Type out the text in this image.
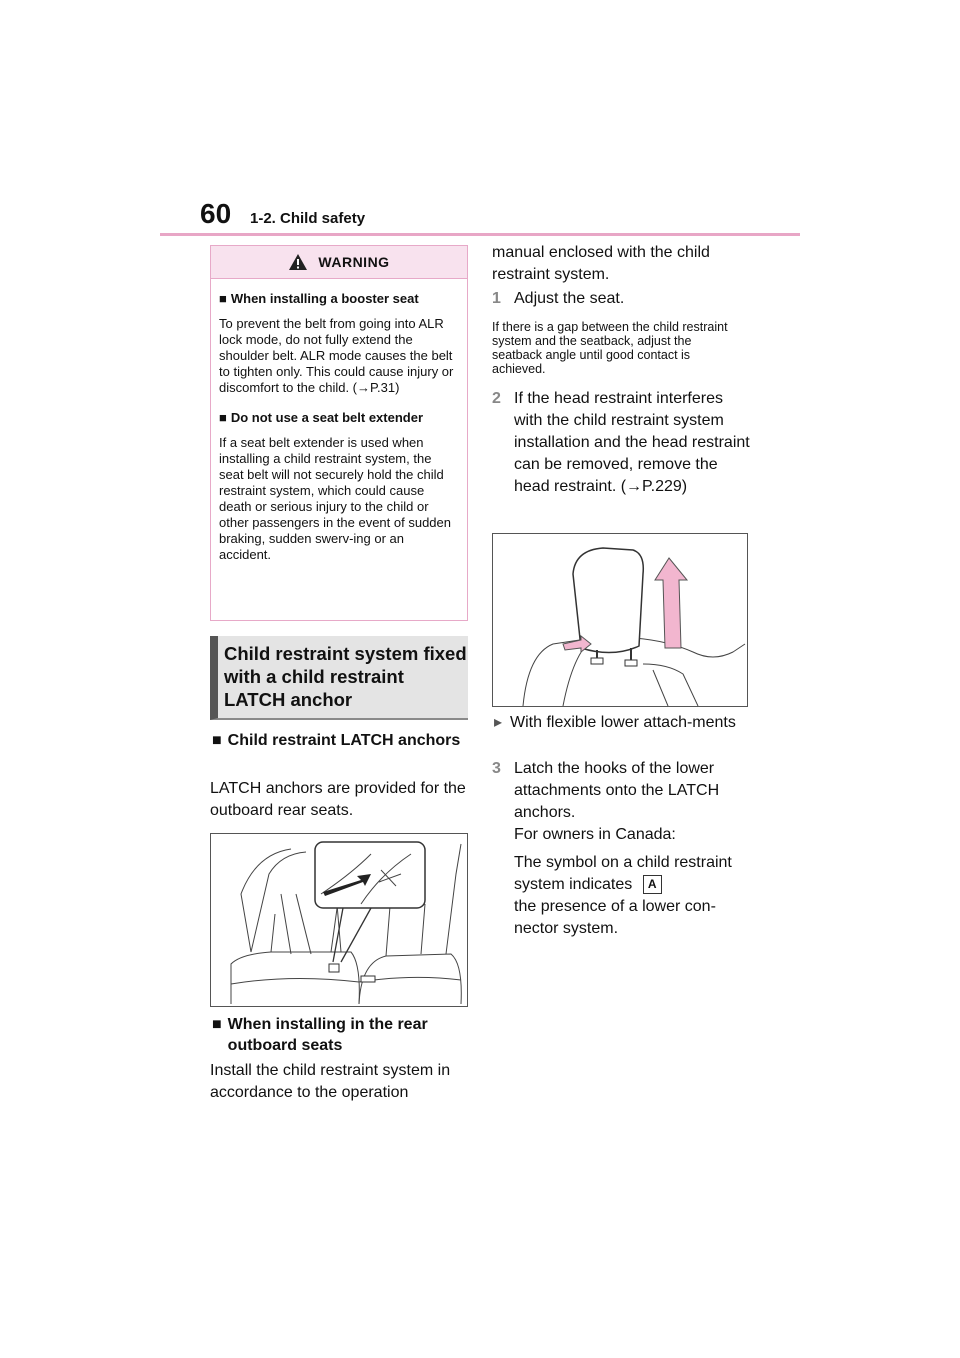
60 1-2. Child safety
WARNING
■ When installing a booster seat
To prevent the belt from going into ALR lock mode, do not fully extend the shoulder belt. ALR mode causes the belt to tighten only. This could cause injury or discomfort to the child. (→P.31)
■ Do not use a seat belt extender
If a seat belt extender is used when installing a child restraint system, the seat belt will not securely hold the child restraint system, which could cause death or serious injury to the child or other passengers in the event of sudden braking, sudden swerv-ing or an accident.
Child restraint system fixed with a child restraint LATCH anchor
■ Child restraint LATCH anchors
LATCH anchors are provided for the outboard rear seats.
■ When installing in the rear outboard seats
Install the child restraint system in accordance to the operation
manual enclosed with the child restraint system.
1 Adjust the seat.
If there is a gap between the child restraint system and the seatback, adjust the seatback angle until good contact is achieved.
2 If the head restraint interferes with the child restraint system installation and the head restraint can be removed, remove the head restraint. (→P.229)
▸ With flexible lower attach-ments
3 Latch the hooks of the lower attachments onto the LATCH anchors.
For owners in Canada:
The symbol on a child restraint system indicates A
the presence of a lower con-nector system.
